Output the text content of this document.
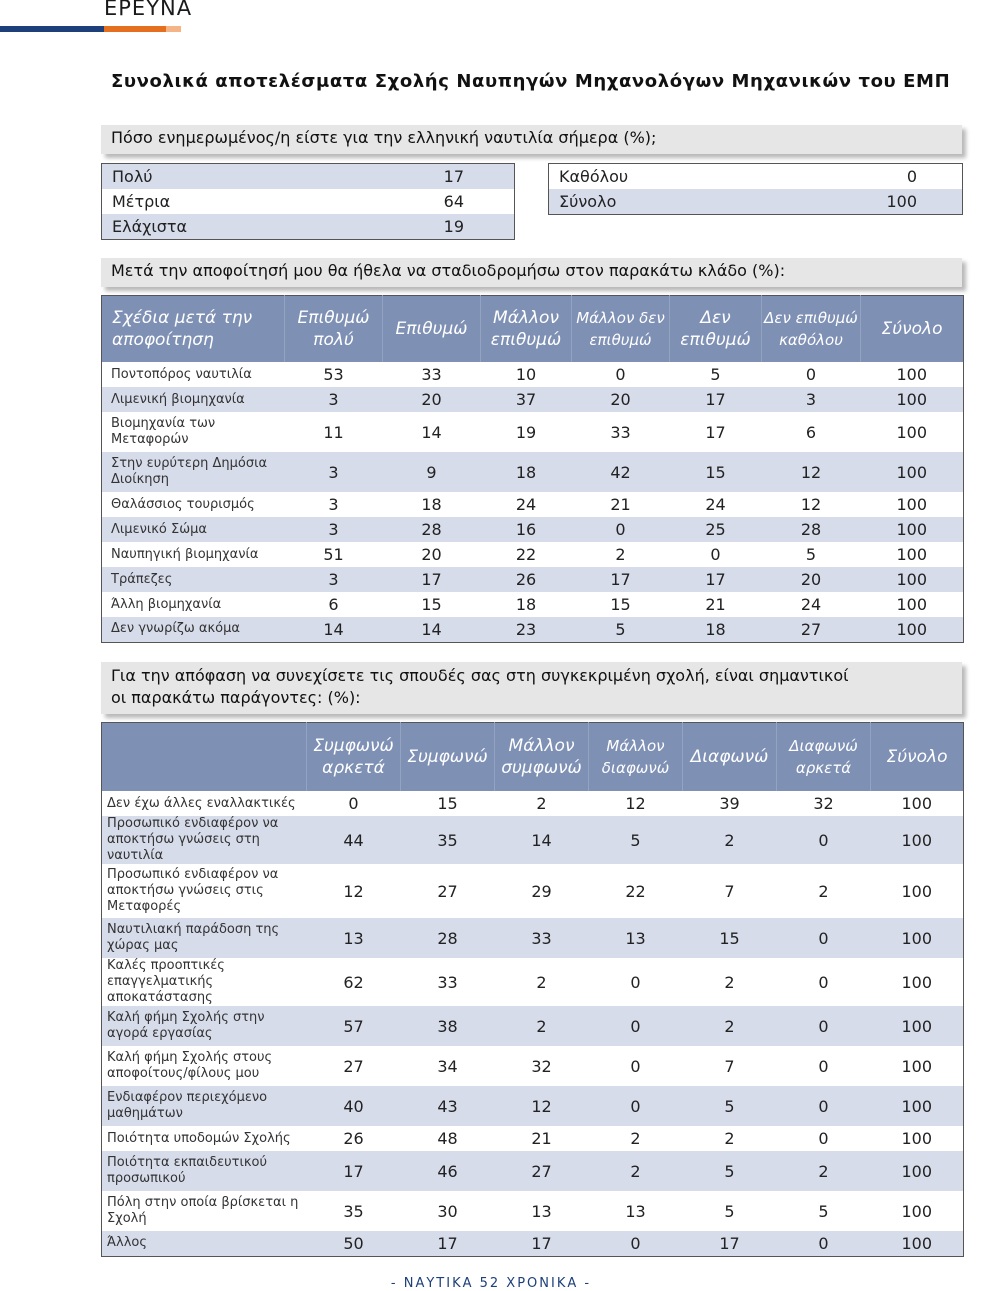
ΕΡΕΥΝΑ
Συνολικά αποτελέσματα Σχολής Ναυπηγών Μηχανολόγων Μηχανικών του ΕΜΠ
Πόσο ενημερωμένος/η είστε για την ελληνική ναυτιλία σήμερα (%);
Πολύ	17
Μέτρια	64
Ελάχιστα	19
Καθόλου	0
Σύνολο	100
Μετά την αποφοίτησή μου θα ήθελα να σταδιοδρομήσω στον παρακάτω κλάδο (%):
Σχέδια μετά την αποφοίτηση	Επιθυμώ πολύ	Επιθυμώ	Μάλλον επιθυμώ	Μάλλον δεν επιθυμώ	Δεν επιθυμώ	Δεν επιθυμώ καθόλου	Σύνολο
Ποντοπόρος ναυτιλία	53	33	10	0	5	0	100
Λιμενική βιομηχανία	3	20	37	20	17	3	100
Βιομηχανία των Μεταφορών	11	14	19	33	17	6	100
Στην ευρύτερη Δημόσια Διοίκηση	3	9	18	42	15	12	100
Θαλάσσιος τουρισμός	3	18	24	21	24	12	100
Λιμενικό Σώμα	3	28	16	0	25	28	100
Ναυπηγική βιομηχανία	51	20	22	2	0	5	100
Τράπεζες	3	17	26	17	17	20	100
Άλλη βιομηχανία	6	15	18	15	21	24	100
Δεν γνωρίζω ακόμα	14	14	23	5	18	27	100
Για την απόφαση να συνεχίσετε τις σπουδές σας στη συγκεκριμένη σχολή, είναι σημαντικοί
οι παρακάτω παράγοντες: (%):
	Συμφωνώ αρκετά	Συμφωνώ	Μάλλον συμφωνώ	Μάλλον διαφωνώ	Διαφωνώ	Διαφωνώ αρκετά	Σύνολο
Δεν έχω άλλες εναλλακτικές	0	15	2	12	39	32	100
Προσωπικό ενδιαφέρον να αποκτήσω γνώσεις στη ναυτιλία	44	35	14	5	2	0	100
Προσωπικό ενδιαφέρον να αποκτήσω γνώσεις στις Μεταφορές	12	27	29	22	7	2	100
Ναυτιλιακή παράδοση της χώρας μας	13	28	33	13	15	0	100
Καλές προοπτικές επαγγελματικής αποκατάστασης	62	33	2	0	2	0	100
Καλή φήμη Σχολής στην αγορά εργασίας	57	38	2	0	2	0	100
Καλή φήμη Σχολής στους αποφοίτους/φίλους μου	27	34	32	0	7	0	100
Ενδιαφέρον περιεχόμενο μαθημάτων	40	43	12	0	5	0	100
Ποιότητα υποδομών Σχολής	26	48	21	2	2	0	100
Ποιότητα εκπαιδευτικού προσωπικού	17	46	27	2	5	2	100
Πόλη στην οποία βρίσκεται η Σχολή	35	30	13	13	5	5	100
Άλλος	50	17	17	0	17	0	100
- ΝΑΥΤΙΚΑ 52 ΧΡΟΝΙΚΑ -
